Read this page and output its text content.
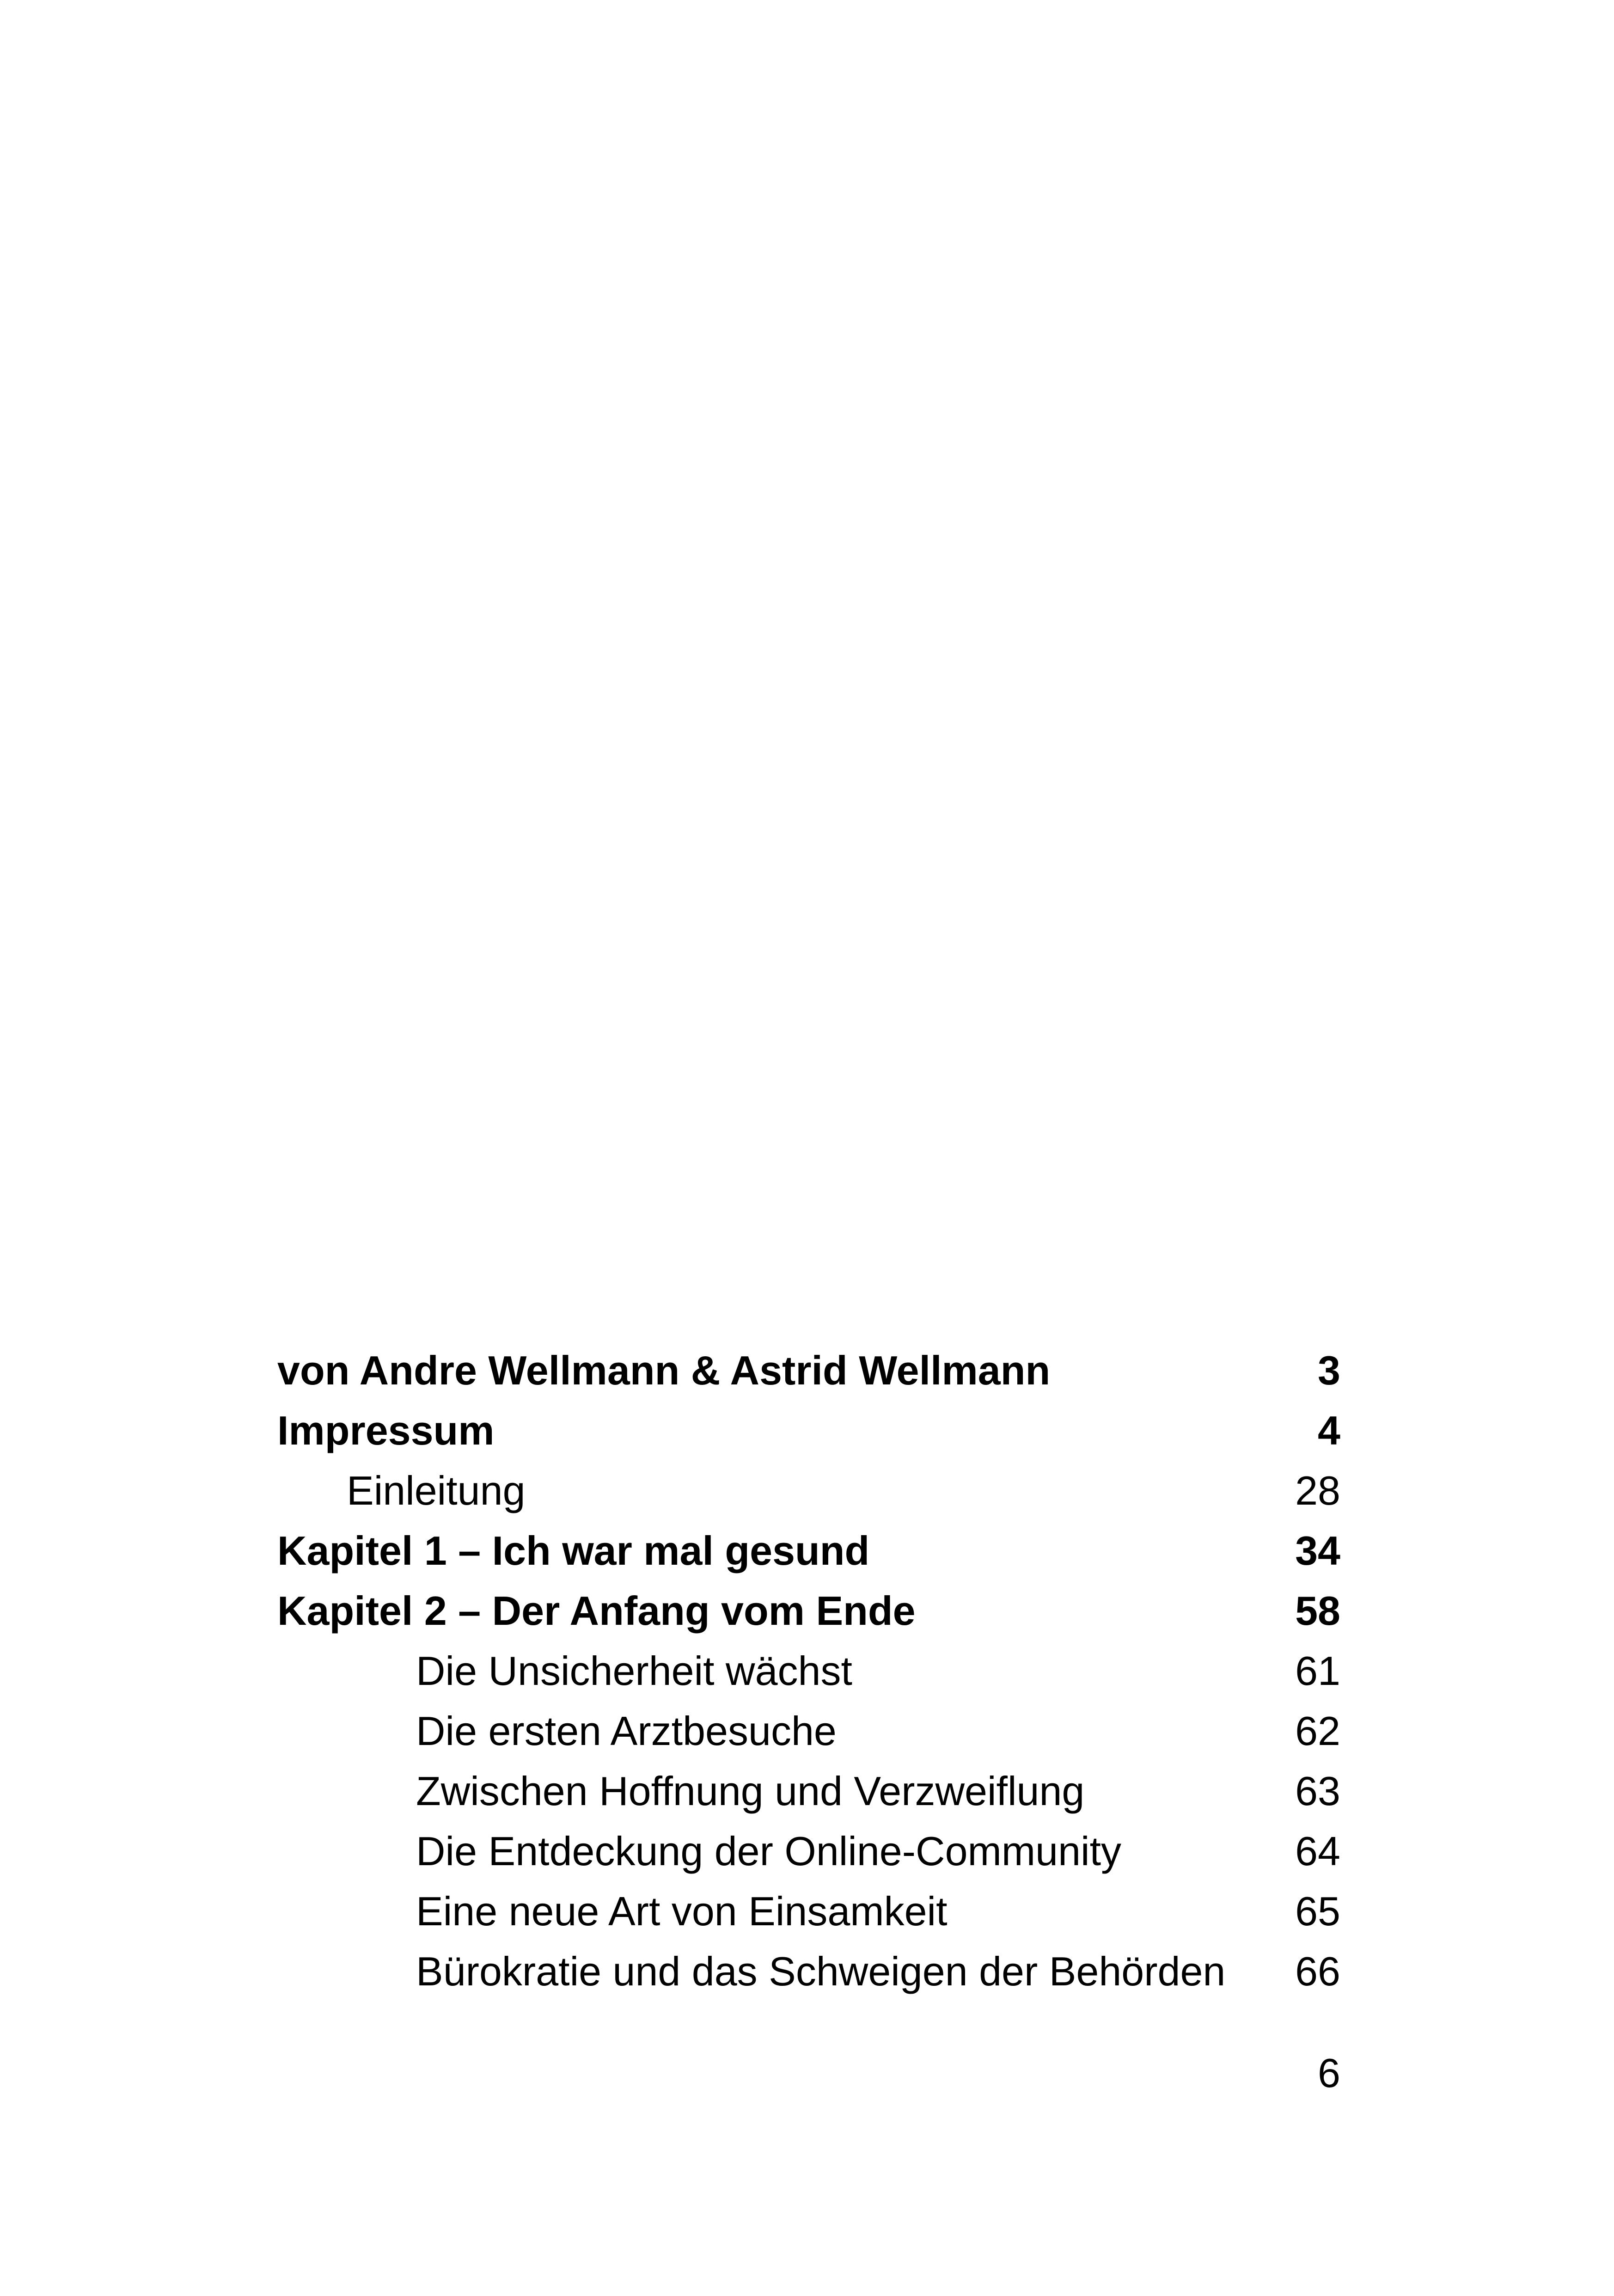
von Andre Wellmann & Astrid Wellmann	3
Impressum	4
Einleitung	28
Kapitel 1 – Ich war mal gesund	34
Kapitel 2 – Der Anfang vom Ende	58
Die Unsicherheit wächst	61
Die ersten Arztbesuche	62
Zwischen Hoffnung und Verzweiflung	63
Die Entdeckung der Online-Community	64
Eine neue Art von Einsamkeit	65
Bürokratie und das Schweigen der Behörden	66
6
